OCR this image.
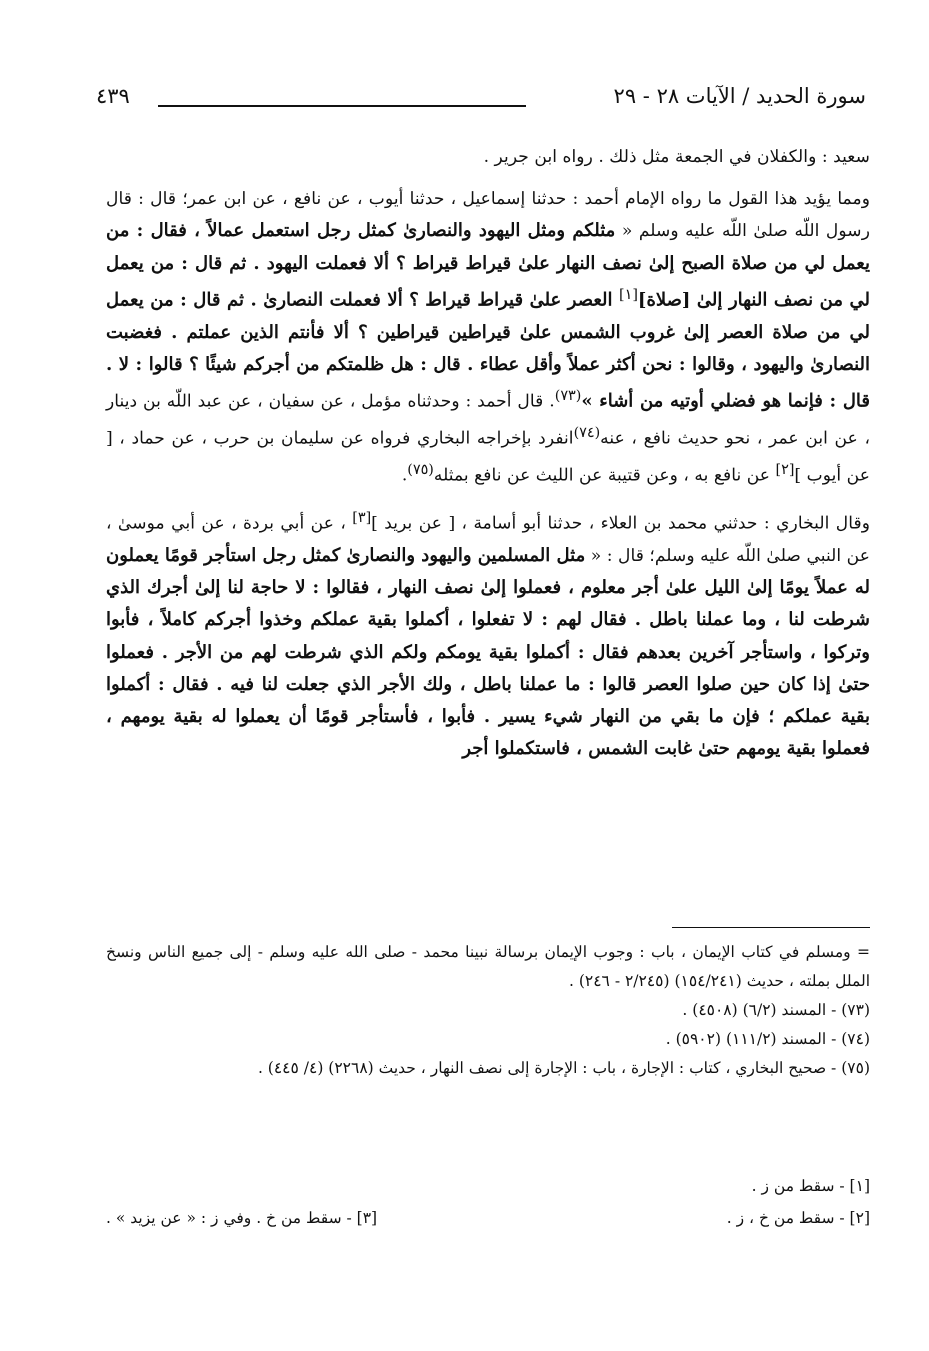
سورة الحديد / الآيات ٢٨ - ٢٩
٤٣٩

سعيد : والكفلان في الجمعة مثل ذلك . رواه ابن جرير .

ومما يؤيد هذا القول ما رواه الإمام أحمد : حدثنا إسماعيل ، حدثنا أيوب ، عن نافع ، عن ابن عمر؛ قال : قال رسول اللّه صلىٰ اللّه عليه وسلم « مثلكم ومثل اليهود والنصارىٰ كمثل رجل استعمل عمالاً ، فقال : من يعمل لي من صلاة الصبح إلىٰ نصف النهار علىٰ قيراط قيراط ؟ ألا فعملت اليهود . ثم قال : من يعمل لي من نصف النهار إلىٰ [صلاة][١] العصر علىٰ قيراط قيراط ؟ ألا فعملت النصارىٰ . ثم قال : من يعمل لي من صلاة العصر إلىٰ غروب الشمس علىٰ قيراطين قيراطين ؟ ألا فأنتم الذين عملتم . فغضبت النصارىٰ واليهود ، وقالوا : نحن أكثر عملاً وأقل عطاء . قال : هل ظلمتكم من أجركم شيئًا ؟ قالوا : لا . قال : فإنما هو فضلي أوتيه من أشاء »$^{(٧٣)}$. قال أحمد : وحدثناه مؤمل ، عن سفيان ، عن عبد اللّه بن دينار ، عن ابن عمر ، نحو حديث نافع ، عنه$^{(٧٤)}$انفرد بإخراجه البخاري فرواه عن سليمان بن حرب ، عن حماد ، [ عن أيوب ][٢] عن نافع به ، وعن قتيبة عن الليث عن نافع بمثله$^{(٧٥)}$.

وقال البخاري : حدثني محمد بن العلاء ، حدثنا أبو أسامة ، [ عن بريد ][٣] ، عن أبي بردة ، عن أبي موسىٰ ، عن النبي صلىٰ اللّه عليه وسلم؛ قال : « مثل المسلمين واليهود والنصارىٰ كمثل رجل استأجر قومًا يعملون له عملاً يومًا إلىٰ الليل علىٰ أجر معلوم ، فعملوا إلىٰ نصف النهار ، فقالوا : لا حاجة لنا إلىٰ أجرك الذي شرطت لنا ، وما عملنا باطل . فقال لهم : لا تفعلوا ، أكملوا بقية عملكم وخذوا أجركم كاملاً ، فأبوا وتركوا ، واستأجر آخرين بعدهم فقال : أكملوا بقية يومكم ولكم الذي شرطت لهم من الأجر . فعملوا حتىٰ إذا كان حين صلوا العصر قالوا : ما عملنا باطل ، ولك الأجر الذي جعلت لنا فيه . فقال : أكملوا بقية عملكم ؛ فإن ما بقي من النهار شيء يسير . فأبوا ، فأستأجر قومًا أن يعملوا له بقية يومهم ، فعملوا بقية يومهم حتىٰ غابت الشمس ، فاستكملوا أجر

= ومسلم في كتاب الإيمان ، باب : وجوب الإيمان برسالة نبينا محمد - صلى الله عليه وسلم - إلى جميع الناس ونسخ الملل بملته ، حديث (١٥٤/٢٤١) (٢/٢٤٥ - ٢٤٦) .

(٧٣) - المسند (٦/٢) (٤٥٠٨) .

(٧٤) - المسند (١١١/٢) (٥٩٠٢) .

(٧٥) - صحيح البخاري ، كتاب : الإجارة ، باب : الإجارة إلى نصف النهار ، حديث (٢٢٦٨) (٤/ ٤٤٥) .

[١] - سقط من ز .
[٢] - سقط من خ ، ز .
[٣] - سقط من خ . وفي ز : « عن يزيد » .
